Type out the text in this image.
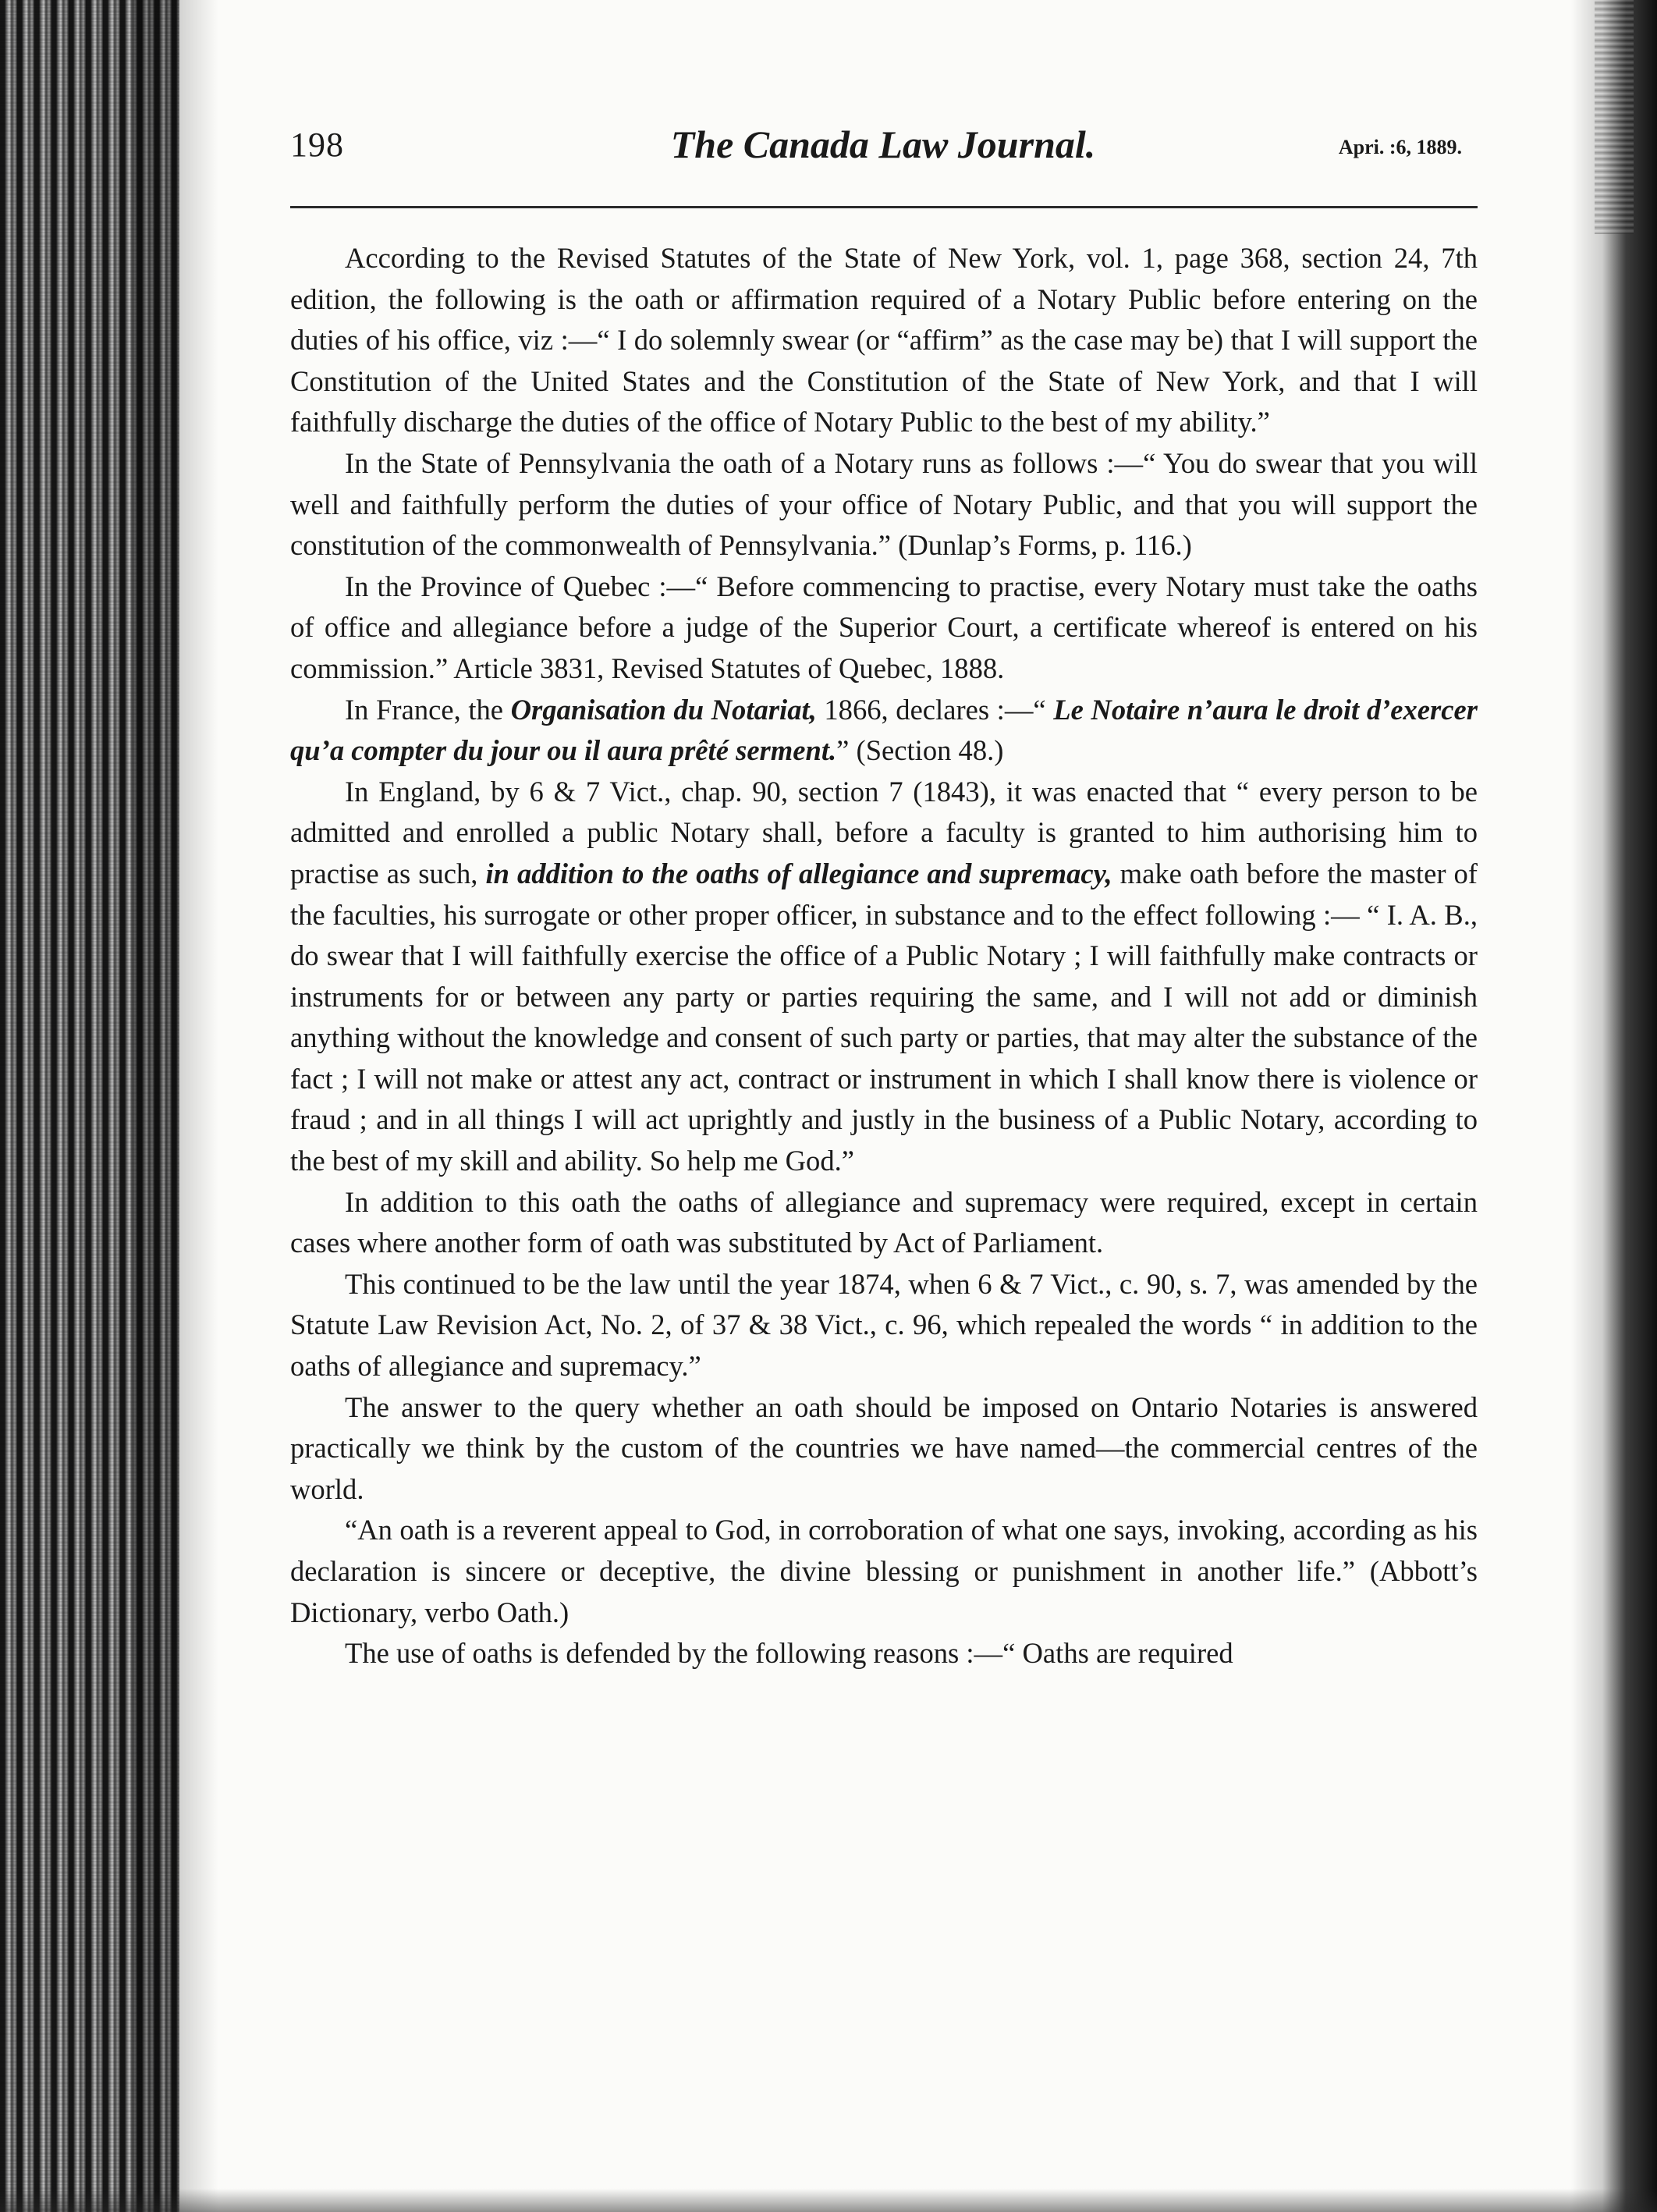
198	The Canada Law Journal.	Apri. :6, 1889.

According to the Revised Statutes of the State of New York, vol. 1, page 368, section 24, 7th edition, the following is the oath or affirmation required of a Notary Public before entering on the duties of his office, viz :—“ I do solemnly swear (or “affirm” as the case may be) that I will support the Constitution of the United States and the Constitution of the State of New York, and that I will faithfully discharge the duties of the office of Notary Public to the best of my ability.”

In the State of Pennsylvania the oath of a Notary runs as follows :—“ You do swear that you will well and faithfully perform the duties of your office of Notary Public, and that you will support the constitution of the commonwealth of Pennsylvania.” (Dunlap’s Forms, p. 116.)

In the Province of Quebec :—“ Before commencing to practise, every Notary must take the oaths of office and allegiance before a judge of the Superior Court, a certificate whereof is entered on his commission.” Article 3831, Revised Statutes of Quebec, 1888.

In France, the Organisation du Notariat, 1866, declares :—“ Le Notaire n’aura le droit d’exercer qu’a compter du jour ou il aura prêté serment.” (Section 48.)

In England, by 6 & 7 Vict., chap. 90, section 7 (1843), it was enacted that “ every person to be admitted and enrolled a public Notary shall, before a faculty is granted to him authorising him to practise as such, in addition to the oaths of allegiance and supremacy, make oath before the master of the faculties, his surrogate or other proper officer, in substance and to the effect following :— “ I. A. B., do swear that I will faithfully exercise the office of a Public Notary ; I will faithfully make contracts or instruments for or between any party or parties requiring the same, and I will not add or diminish anything without the knowledge and consent of such party or parties, that may alter the substance of the fact ; I will not make or attest any act, contract or instrument in which I shall know there is violence or fraud ; and in all things I will act uprightly and justly in the business of a Public Notary, according to the best of my skill and ability. So help me God.”

In addition to this oath the oaths of allegiance and supremacy were required, except in certain cases where another form of oath was substituted by Act of Parliament.

This continued to be the law until the year 1874, when 6 & 7 Vict., c. 90, s. 7, was amended by the Statute Law Revision Act, No. 2, of 37 & 38 Vict., c. 96, which repealed the words “ in addition to the oaths of allegiance and supremacy.”

The answer to the query whether an oath should be imposed on Ontario Notaries is answered practically we think by the custom of the countries we have named—the commercial centres of the world.

“An oath is a reverent appeal to God, in corroboration of what one says, invoking, according as his declaration is sincere or deceptive, the divine blessing or punishment in another life.” (Abbott’s Dictionary, verbo Oath.)

The use of oaths is defended by the following reasons :—“ Oaths are required
